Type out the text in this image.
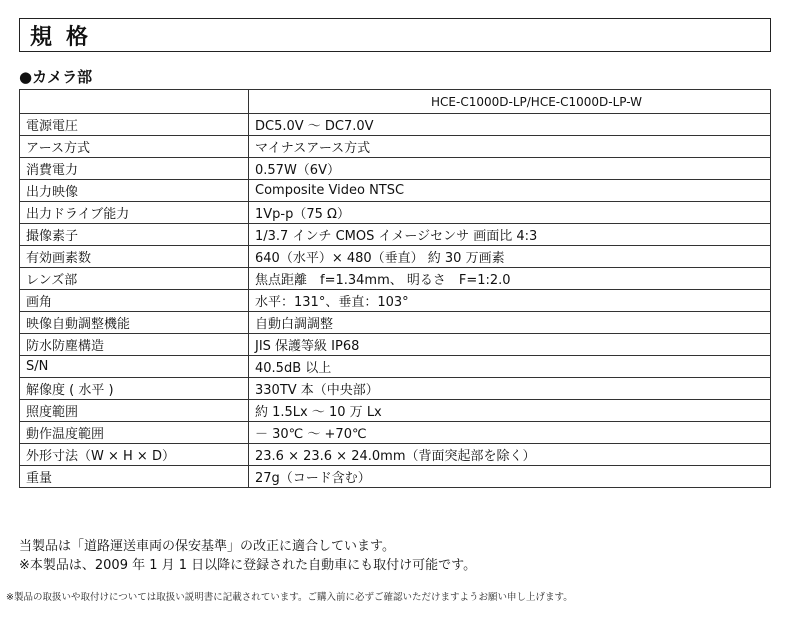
規格
●カメラ部
	HCE-C1000D-LP/HCE-C1000D-LP-W
電源電圧	DC5.0V ～ DC7.0V
アース方式	マイナスアース方式
消費電力	0.57W（6V）
出力映像	Composite Video NTSC
出力ドライブ能力	1Vp-p（75 Ω）
撮像素子	1/3.7 インチ CMOS イメージセンサ 画面比 4:3
有効画素数	640（水平）× 480（垂直） 約 30 万画素
レンズ部	焦点距離　f=1.34mm、 明るさ　F=1:2.0
画角	水平：131°、垂直：103°
映像自動調整機能	自動白調調整
防水防塵構造	JIS 保護等級 IP68
S/N	40.5dB 以上
解像度 ( 水平 )	330TV 本（中央部）
照度範囲	約 1.5Lx ～ 10 万 Lx
動作温度範囲	－ 30℃ ～ +70℃
外形寸法（W × H × D）	23.6 × 23.6 × 24.0mm（背面突起部を除く）
重量	27g（コード含む）
当製品は「道路運送車両の保安基準」の改正に適合しています。
※本製品は、2009 年 1 月 1 日以降に登録された自動車にも取付け可能です。
※製品の取扱いや取付けについては取扱い説明書に記載されています。ご購入前に必ずご確認いただけますようお願い申し上げます。
